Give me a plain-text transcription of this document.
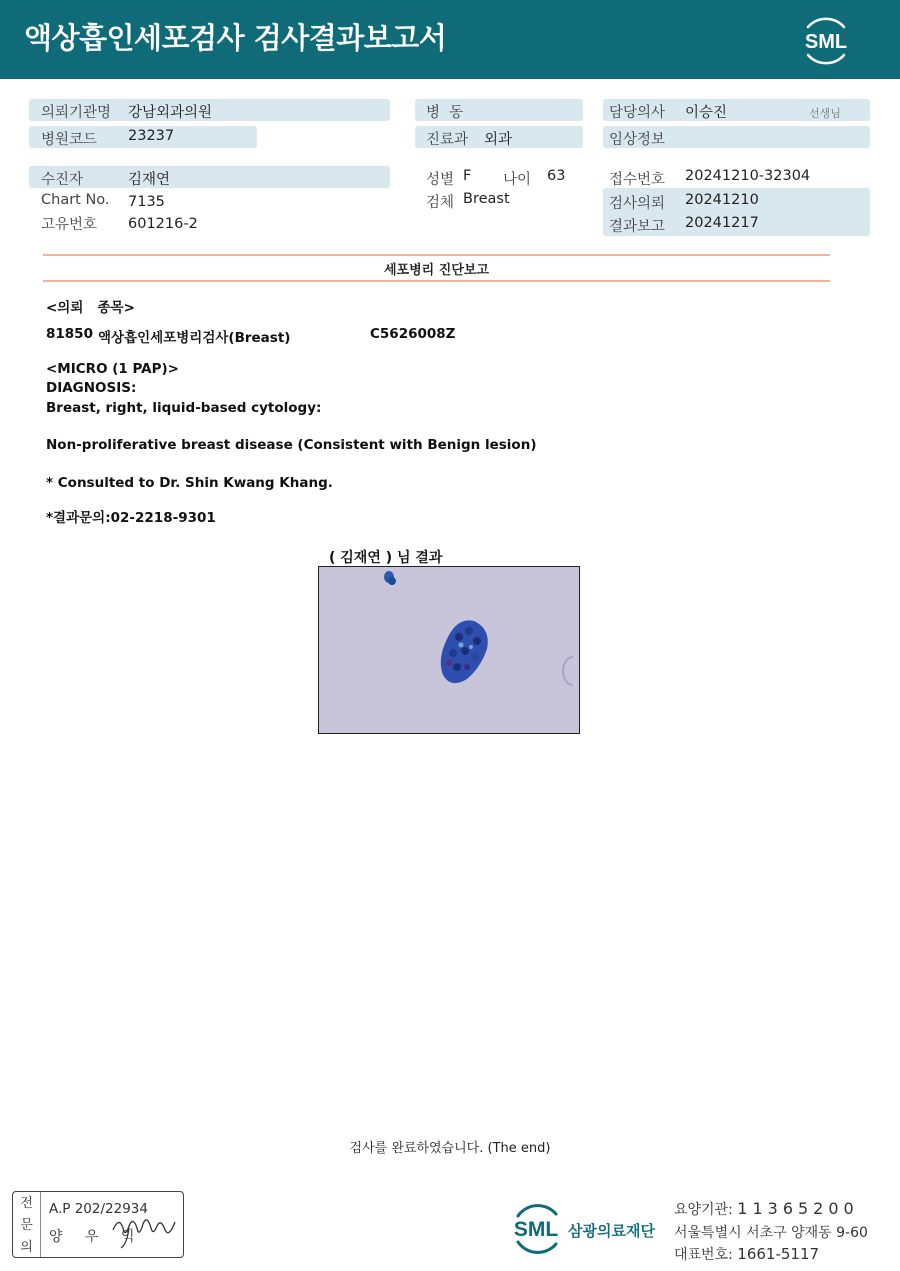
액상흡인세포검사 검사결과보고서	SML
의뢰기관명 강남외과의원
병원코드 23237
병  동
진료과 외과
담당의사 이승진	선생님
임상정보
수진자	김재연
Chart No. 7135
고유번호 601216-2
성별 F 나이 63
검체 Breast
접수번호 20241210-32304
검사의뢰 20241210
결과보고 20241217
세포병리 진단보고
<의뢰   종목>
81850 액상흡인세포병리검사(Breast)	C5626008Z
<MICRO (1 PAP)>
DIAGNOSIS:
Breast, right, liquid-based cytology:
Non-proliferative breast disease (Consistent with Benign lesion)
* Consulted to Dr. Shin Kwang Khang.
*결과문의:02-2218-9301
( 김재연 ) 님 결과
검사를 완료하였습니다. (The end)
전
문
의
A.P 202/22934
양 우 익	SML 삼광의료재단
요양기관: 11365200
서울특별시 서초구 양재동 9-60
대표번호: 1661-5117
